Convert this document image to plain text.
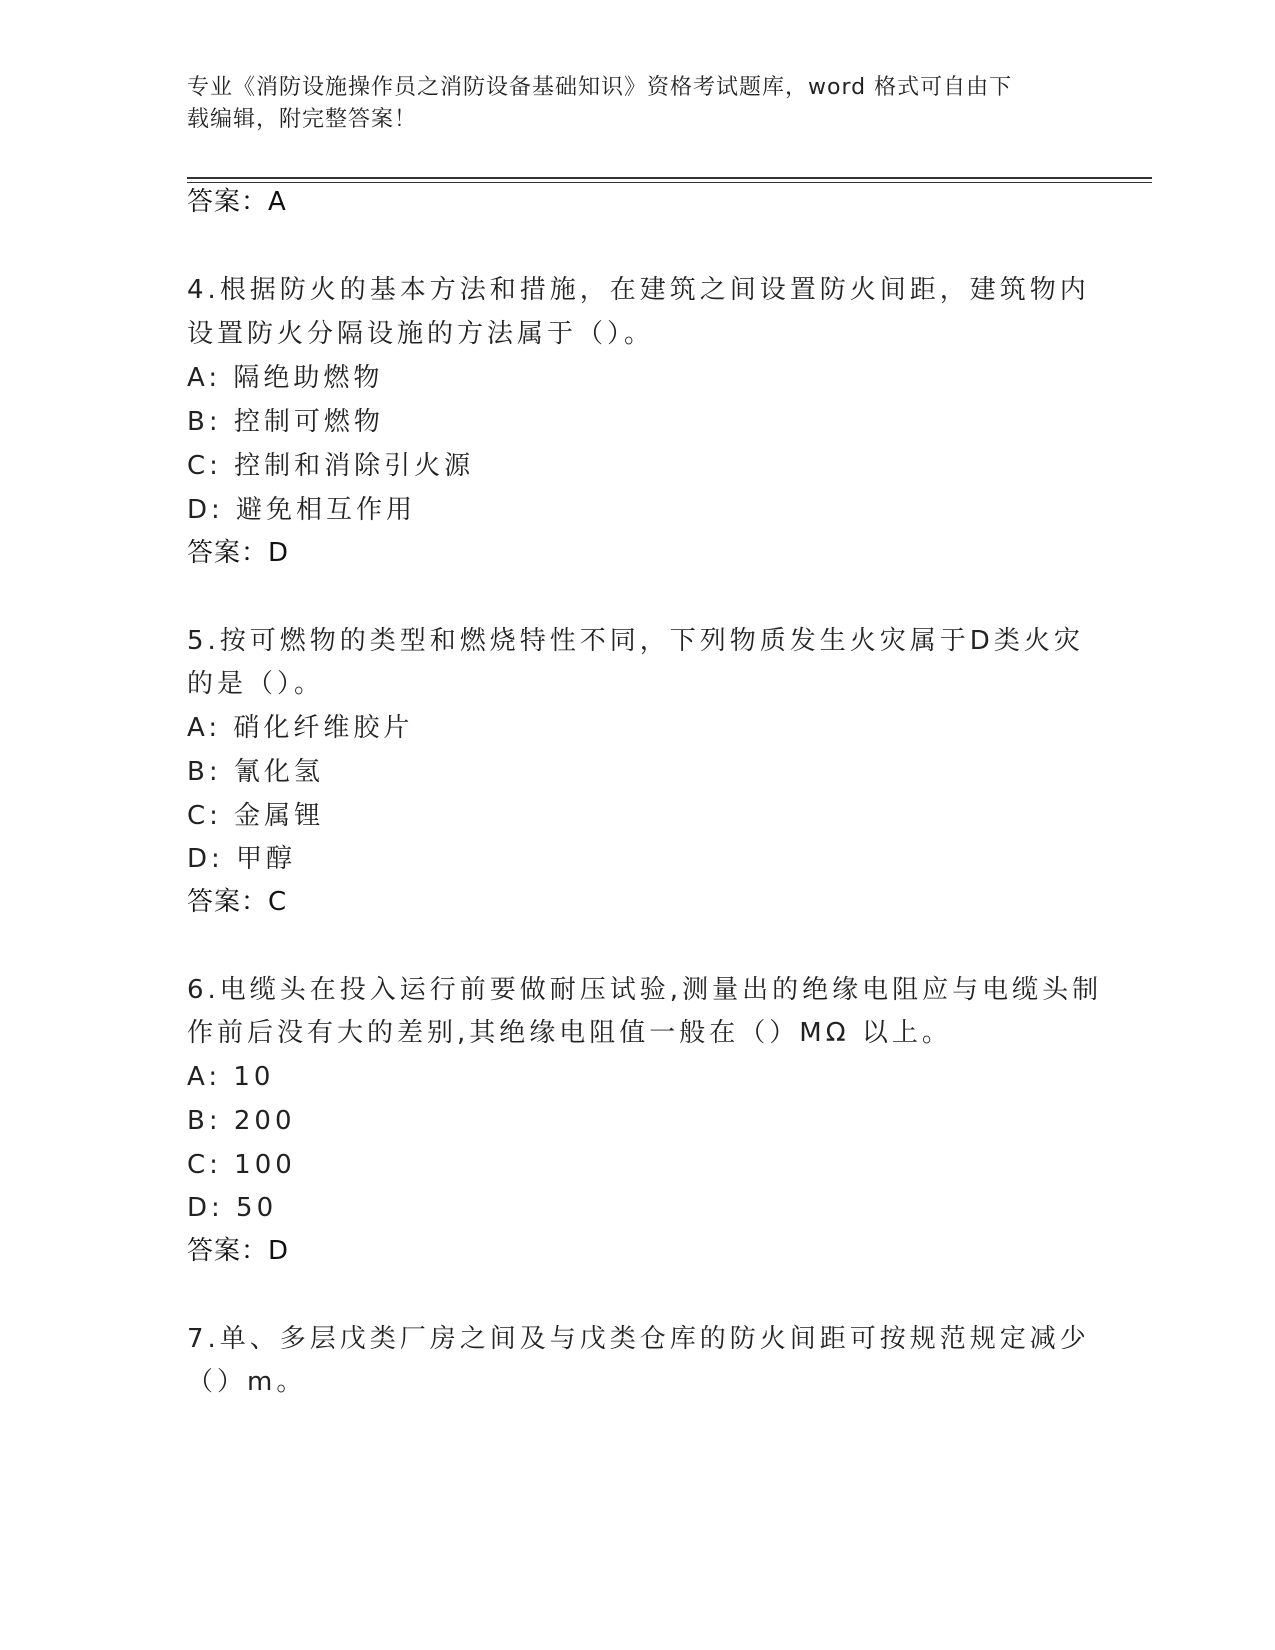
专业《消防设施操作员之消防设备基础知识》资格考试题库，word 格式可自由下
载编辑，附完整答案！
答案：A
4.根据防火的基本方法和措施，在建筑之间设置防火间距，建筑物内
设置防火分隔设施的方法属于（）。
A: 隔绝助燃物
B: 控制可燃物
C: 控制和消除引火源
D: 避免相互作用
答案：D
5.按可燃物的类型和燃烧特性不同，下列物质发生火灾属于D类火灾
的是（）。
A: 硝化纤维胶片
B: 氰化氢
C: 金属锂
D: 甲醇
答案：C
6.电缆头在投入运行前要做耐压试验,测量出的绝缘电阻应与电缆头制
作前后没有大的差别,其绝缘电阻值一般在（）MΩ 以上。
A: 10
B: 200
C: 100
D: 50
答案：D
7.单、多层戊类厂房之间及与戊类仓库的防火间距可按规范规定减少
（）m。
